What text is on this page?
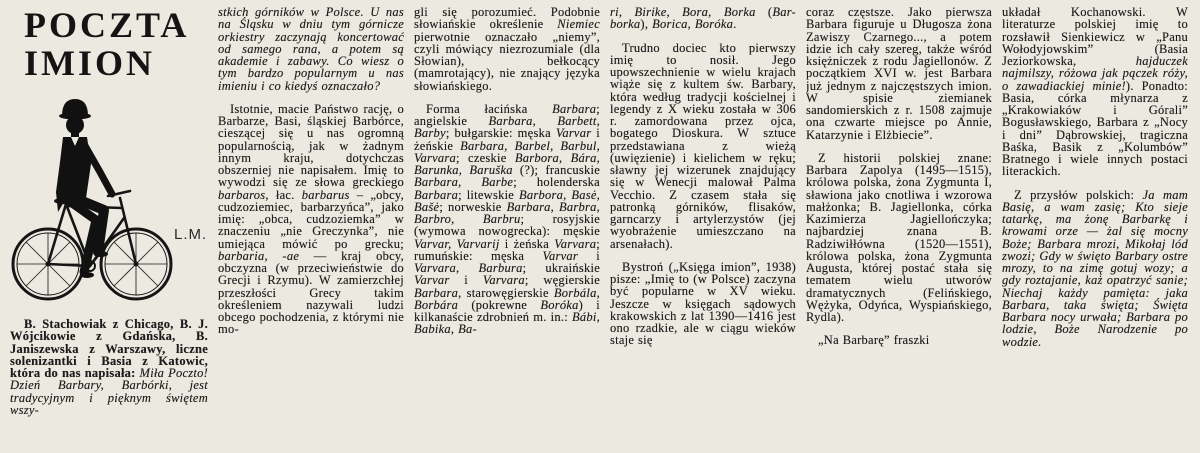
POCZTA
IMION
L.M.

B. Stachowiak z Chicago, B. J. Wójcikowie z Gdańska, B. Janiszewska z Warszawy, liczne solenizantki i Basia z Katowic, która do nas napisała: Miła Poczto! Dzień Barbary, Barbórki, jest tradycyjnym i pięknym świętem wszy-

stkich górników w Polsce. U nas na Śląsku w dniu tym górnicze orkiestry zaczynają koncertować od samego rana, a potem są akademie i zabawy. Co wiesz o tym bardzo popularnym u nas imieniu i co kiedyś oznaczało?

Istotnie, macie Państwo rację, o Barbarze, Basi, śląskiej Barbórce, cieszącej się u nas ogromną popularnością, jak w żadnym innym kraju, dotychczas obszerniej nie napisałem. Imię to wywodzi się ze słowa greckiego barbaros, łac. barbarus – „obcy, cudzoziemiec, barbarzyńca”, jako imię: „obca, cudzoziemka” w znaczeniu „nie Greczynka”, nie umiejąca mówić po grecku; barbaria, -ae — kraj obcy, obczyzna (w przeciwieństwie do Grecji i Rzymu). W zamierzchłej przeszłości Grecy takim określeniem nazywali ludzi obcego pochodzenia, z którymi nie mo-

gli się porozumieć. Podobnie słowiańskie określenie Niemiec pierwotnie oznaczało „niemy”, czyli mówiący niezrozumiale (dla Słowian), bełkocący (mamrotający), nie znający języka słowiańskiego.

Forma łacińska Barbara; angielskie Barbara, Barbett, Barby; bułgarskie: męska Varvar i żeńskie Barbara, Barbel, Barbul, Varvara; czeskie Barbora, Bára, Barunka, Baruška (?); francuskie Barbara, Barbe; holenderska Barbara; litewskie Barbora, Basė, Bašė; norweskie Barbara, Barbra, Barbro, Barbru; rosyjskie (wymowa nowogrecka): męskie Varvar, Varvarij i żeńska Varvara; rumuńskie: męska Varvar i Varvara, Barbura; ukraińskie Varvar i Varvara; węgierskie Barbara, starowęgierskie Borbála, Borbára (pokrewne Boróka) i kilkanaście zdrobnień m. in.: Bábi, Babika, Ba-

ri, Birike, Bora, Borka (Bar-borka), Borica, Boróka.

Trudno dociec kto pierwszy imię to nosił. Jego upowszechnienie w wielu krajach wiąże się z kultem św. Barbary, która według tradycji kościelnej i legendy z X wieku została w 306 r. zamordowana przez ojca, bogatego Dioskura. W sztuce przedstawiana z wieżą (uwięzienie) i kielichem w ręku; sławny jej wizerunek znajdujący się w Wenecji malował Palma Vecchio. Z czasem stała się patronką górników, flisaków, garncarzy i artylerzystów (jej wyobrażenie umieszczano na arsenałach).

Bystroń („Księga imion”, 1938) pisze: „Imię to (w Polsce) zaczyna być popularne w XV wieku. Jeszcze w księgach sądowych krakowskich z lat 1390—1416 jest ono rzadkie, ale w ciągu wieków staje się

coraz częstsze. Jako pierwsza Barbara figuruje u Długosza żona Zawiszy Czarnego..., a potem idzie ich cały szereg, także wśród księżniczek z rodu Jagiellonów. Z początkiem XVI w. jest Barbara już jednym z najczęstszych imion. W spisie ziemianek sandomierskich z r. 1508 zajmuje ona czwarte miejsce po Annie, Katarzynie i Elżbiecie”.

Z historii polskiej znane: Barbara Zapolya (1495—1515), królowa polska, żona Zygmunta I, sławiona jako cnotliwa i wzorowa małżonka; B. Jagiellonka, córka Kazimierza Jagiellończyka; najbardziej znana B. Radziwiłłówna (1520—1551), królowa polska, żona Zygmunta Augusta, której postać stała się tematem wielu utworów dramatycznych (Felińskiego, Wężyka, Odyńca, Wyspiańskiego, Rydla).

„Na Barbarę” fraszki

układał Kochanowski. W literaturze polskiej imię to rozsławił Sienkiewicz w „Panu Wołodyjowskim” (Basia Jeziorkowska, hajduczek najmilszy, różowa jak pączek róży, o zawadiackiej minie!). Ponadto: Basia, córka młynarza z „Krakowiaków i Górali” Bogusławskiego, Barbara z „Nocy i dni” Dąbrowskiej, tragiczna Baśka, Basik z „Kolumbów” Bratnego i wiele innych postaci literackich.

Z przysłów polskich: Ja mam Basię, a wam zasię; Kto sieje tatarkę, ma żonę Barbarkę i krowami orze — żal się mocny Boże; Barbara mrozi, Mikołaj lód zwozi; Gdy w święto Barbary ostre mrozy, to na zimę gotuj wozy; a gdy roztajanie, każ opatrzyć sanie; Niechaj każdy pamięta: jaka Barbara, taka święta; Święta Barbara nocy urwała; Barbara po lodzie, Boże Narodzenie po wodzie.
